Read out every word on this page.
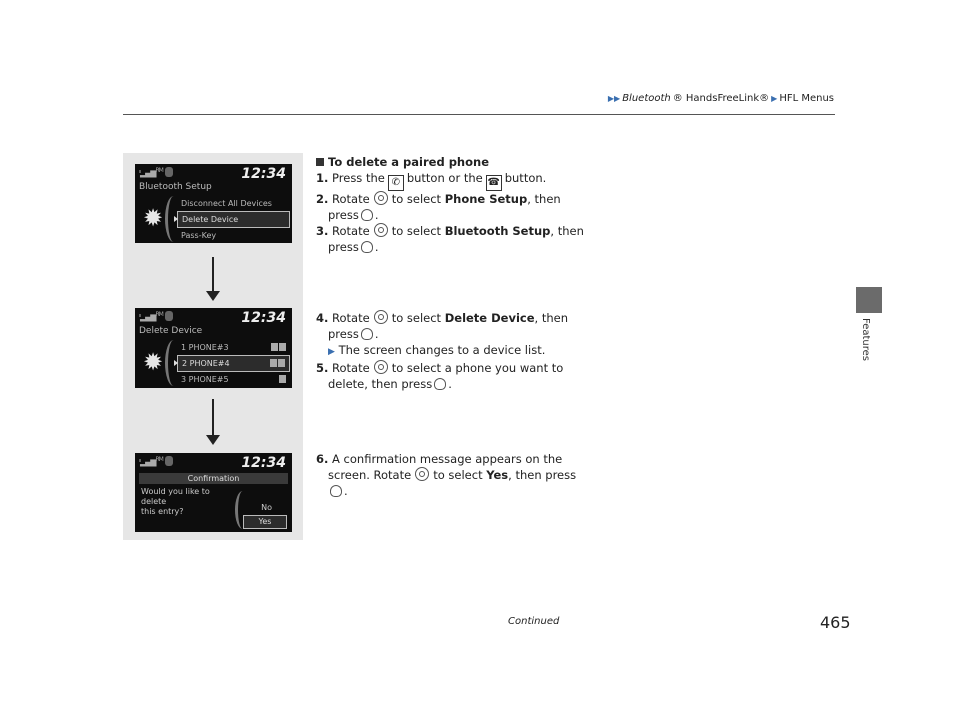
▶▶ Bluetooth ® HandsFreeLink® ▶ HFL Menus
Features
ᴵᴵ▂▄▆$^{RM}$	12:34
Bluetooth Setup
✹
Disconnect All Devices
Delete Device
Pass-Key
ᴵᴵ▂▄▆$^{RM}$	12:34
Delete Device
✹
1 PHONE#3
2 PHONE#4
3 PHONE#5
ᴵᴵ▂▄▆$^{RM}$	12:34
Confirmation
Would you like to
delete
this entry?	No
Yes
To delete a paired phone
1. Press the ✆ button or the ☎ button.
2. Rotate to select Phone Setup, then
press .
3. Rotate to select Bluetooth Setup, then
press .
4. Rotate to select Delete Device, then
press .
▶ The screen changes to a device list.
5. Rotate to select a phone you want to
delete, then press .
6. A confirmation message appears on the
screen. Rotate to select Yes, then press
.
Continued	465
